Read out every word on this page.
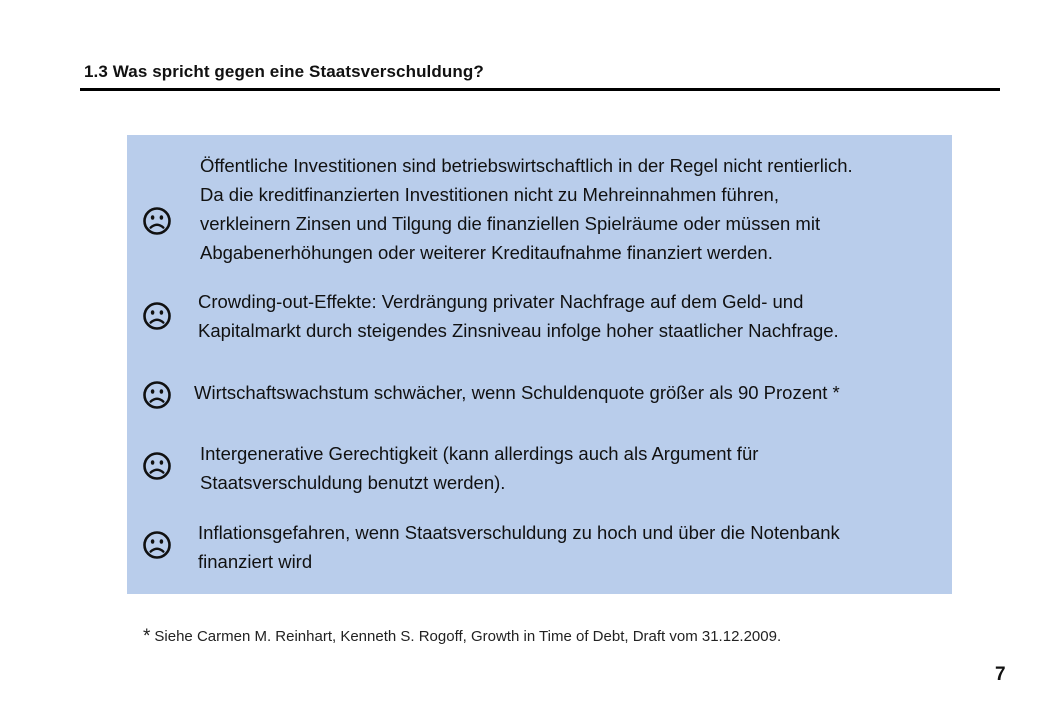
1.3 Was spricht gegen eine Staatsverschuldung?
Öffentliche Investitionen sind betriebswirtschaftlich in der Regel nicht rentierlich.
Da die kreditfinanzierten Investitionen nicht zu Mehreinnahmen führen,
verkleinern Zinsen und Tilgung die finanziellen Spielräume oder müssen mit
Abgabenerhöhungen oder weiterer Kreditaufnahme finanziert werden.
Crowding-out-Effekte: Verdrängung privater Nachfrage auf dem Geld- und
Kapitalmarkt durch steigendes Zinsniveau infolge hoher staatlicher Nachfrage.
Wirtschaftswachstum schwächer, wenn Schuldenquote größer als 90 Prozent *
Intergenerative Gerechtigkeit (kann allerdings auch als Argument für
Staatsverschuldung benutzt werden).
Inflationsgefahren, wenn Staatsverschuldung zu hoch und über die Notenbank
finanziert wird
* Siehe Carmen M. Reinhart, Kenneth S. Rogoff, Growth in Time of Debt, Draft vom 31.12.2009.
7
